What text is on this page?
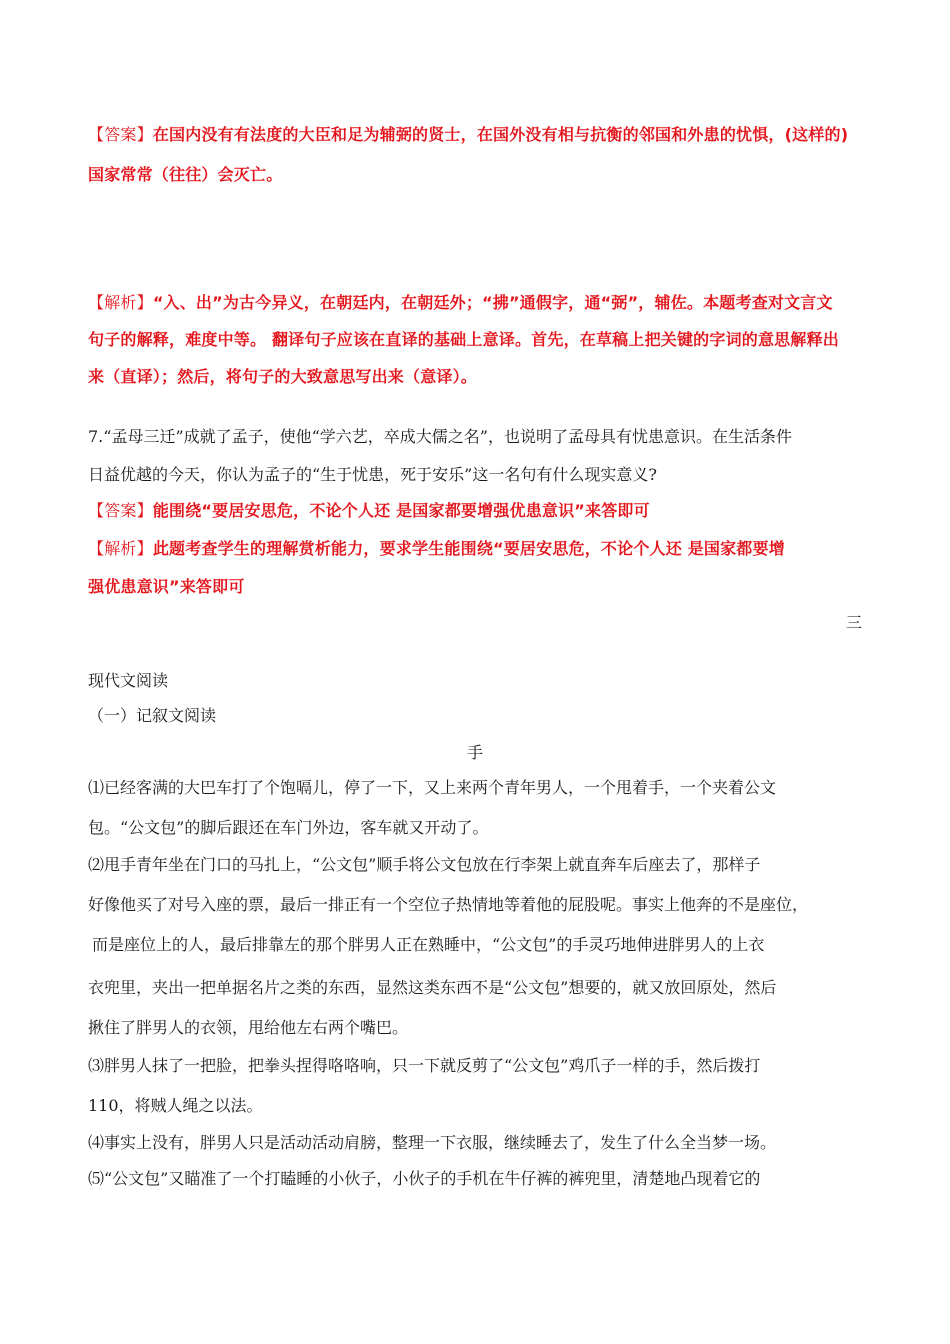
【答案】在国内没有有法度的大臣和足为辅弼的贤士，在国外没有相与抗衡的邻国和外患的忧惧，(这样的)
国家常常（往往）会灭亡。
【解析】“入、出”为古今异义，在朝廷内，在朝廷外；“拂”通假字，通“弼”，辅佐。本题考查对文言文
句子的解释，难度中等。 翻译句子应该在直译的基础上意译。首先，在草稿上把关键的字词的意思解释出
来（直译）；然后，将句子的大致意思写出来（意译）。
7.“孟母三迁”成就了孟子，使他“学六艺，卒成大儒之名”，也说明了孟母具有忧患意识。在生活条件
日益优越的今天，你认为孟子的“生于忧患，死于安乐”这一名句有什么现实意义?
【答案】能围绕“要居安思危，不论个人还 是国家都要增强优患意识”来答即可
【解析】此题考查学生的理解赏析能力，要求学生能围绕“要居安思危，不论个人还 是国家都要增
强优患意识”来答即可
三
现代文阅读
（一）记叙文阅读
手
⑴已经客满的大巴车打了个饱嗝儿，停了一下，又上来两个青年男人，一个甩着手，一个夹着公文
包。“公文包”的脚后跟还在车门外边，客车就又开动了。
⑵甩手青年坐在门口的马扎上，“公文包”顺手将公文包放在行李架上就直奔车后座去了，那样子
好像他买了对号入座的票，最后一排正有一个空位子热情地等着他的屁股呢。事实上他奔的不是座位，
而是座位上的人，最后排靠左的那个胖男人正在熟睡中，“公文包”的手灵巧地伸进胖男人的上衣
衣兜里，夹出一把单据名片之类的东西，显然这类东西不是“公文包”想要的，就又放回原处，然后
揪住了胖男人的衣领，甩给他左右两个嘴巴。
⑶胖男人抹了一把脸，把拳头捏得咯咯响，只一下就反剪了“公文包”鸡爪子一样的手，然后拨打
110，将贼人绳之以法。
⑷事实上没有，胖男人只是活动活动肩膀，整理一下衣服，继续睡去了，发生了什么全当梦一场。
⑸“公文包”又瞄准了一个打瞌睡的小伙子，小伙子的手机在牛仔裤的裤兜里，清楚地凸现着它的
